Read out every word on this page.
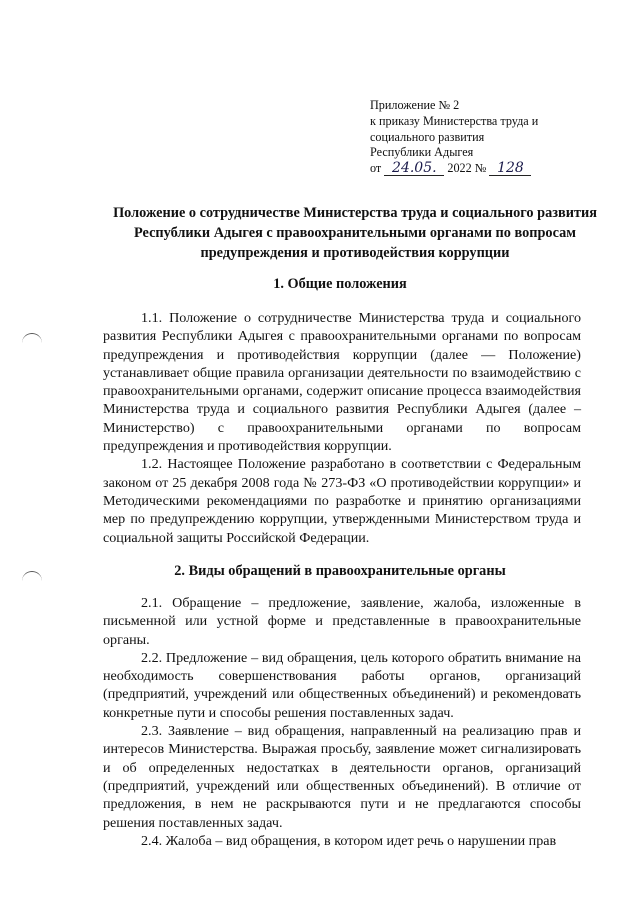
Приложение № 2
к приказу Министерства труда и
социального развития
Республики Адыгея
от 24.05. 2022 № 128
Положение о сотрудничестве Министерства труда и социального развития Республики Адыгея с правоохранительными органами по вопросам предупреждения и противодействия коррупции
1. Общие положения

1.1. Положение о сотрудничестве Министерства труда и социального развития Республики Адыгея с правоохранительными органами по вопросам предупреждения и противодействия коррупции (далее — Положение) устанавливает общие правила организации деятельности по взаимодействию с правоохранительными органами, содержит описание процесса взаимодействия Министерства труда и социального развития Республики Адыгея (далее – Министерство) с правоохранительными органами по вопросам предупреждения и противодействия коррупции.

1.2. Настоящее Положение разработано в соответствии с Федеральным законом от 25 декабря 2008 года № 273-ФЗ «О противодействии коррупции» и Методическими рекомендациями по разработке и принятию организациями мер по предупреждению коррупции, утвержденными Министерством труда и социальной защиты Российской Федерации.

2. Виды обращений в правоохранительные органы

2.1. Обращение – предложение, заявление, жалоба, изложенные в письменной или устной форме и представленные в правоохранительные органы.

2.2. Предложение – вид обращения, цель которого обратить внимание на необходимость совершенствования работы органов, организаций (предприятий, учреждений или общественных объединений) и рекомендовать конкретные пути и способы решения поставленных задач.

2.3. Заявление – вид обращения, направленный на реализацию прав и интересов Министерства. Выражая просьбу, заявление может сигнализировать и об определенных недостатках в деятельности органов, организаций (предприятий, учреждений или общественных объединений). В отличие от предложения, в нем не раскрываются пути и не предлагаются способы решения поставленных задач.

2.4. Жалоба – вид обращения, в котором идет речь о нарушении прав
